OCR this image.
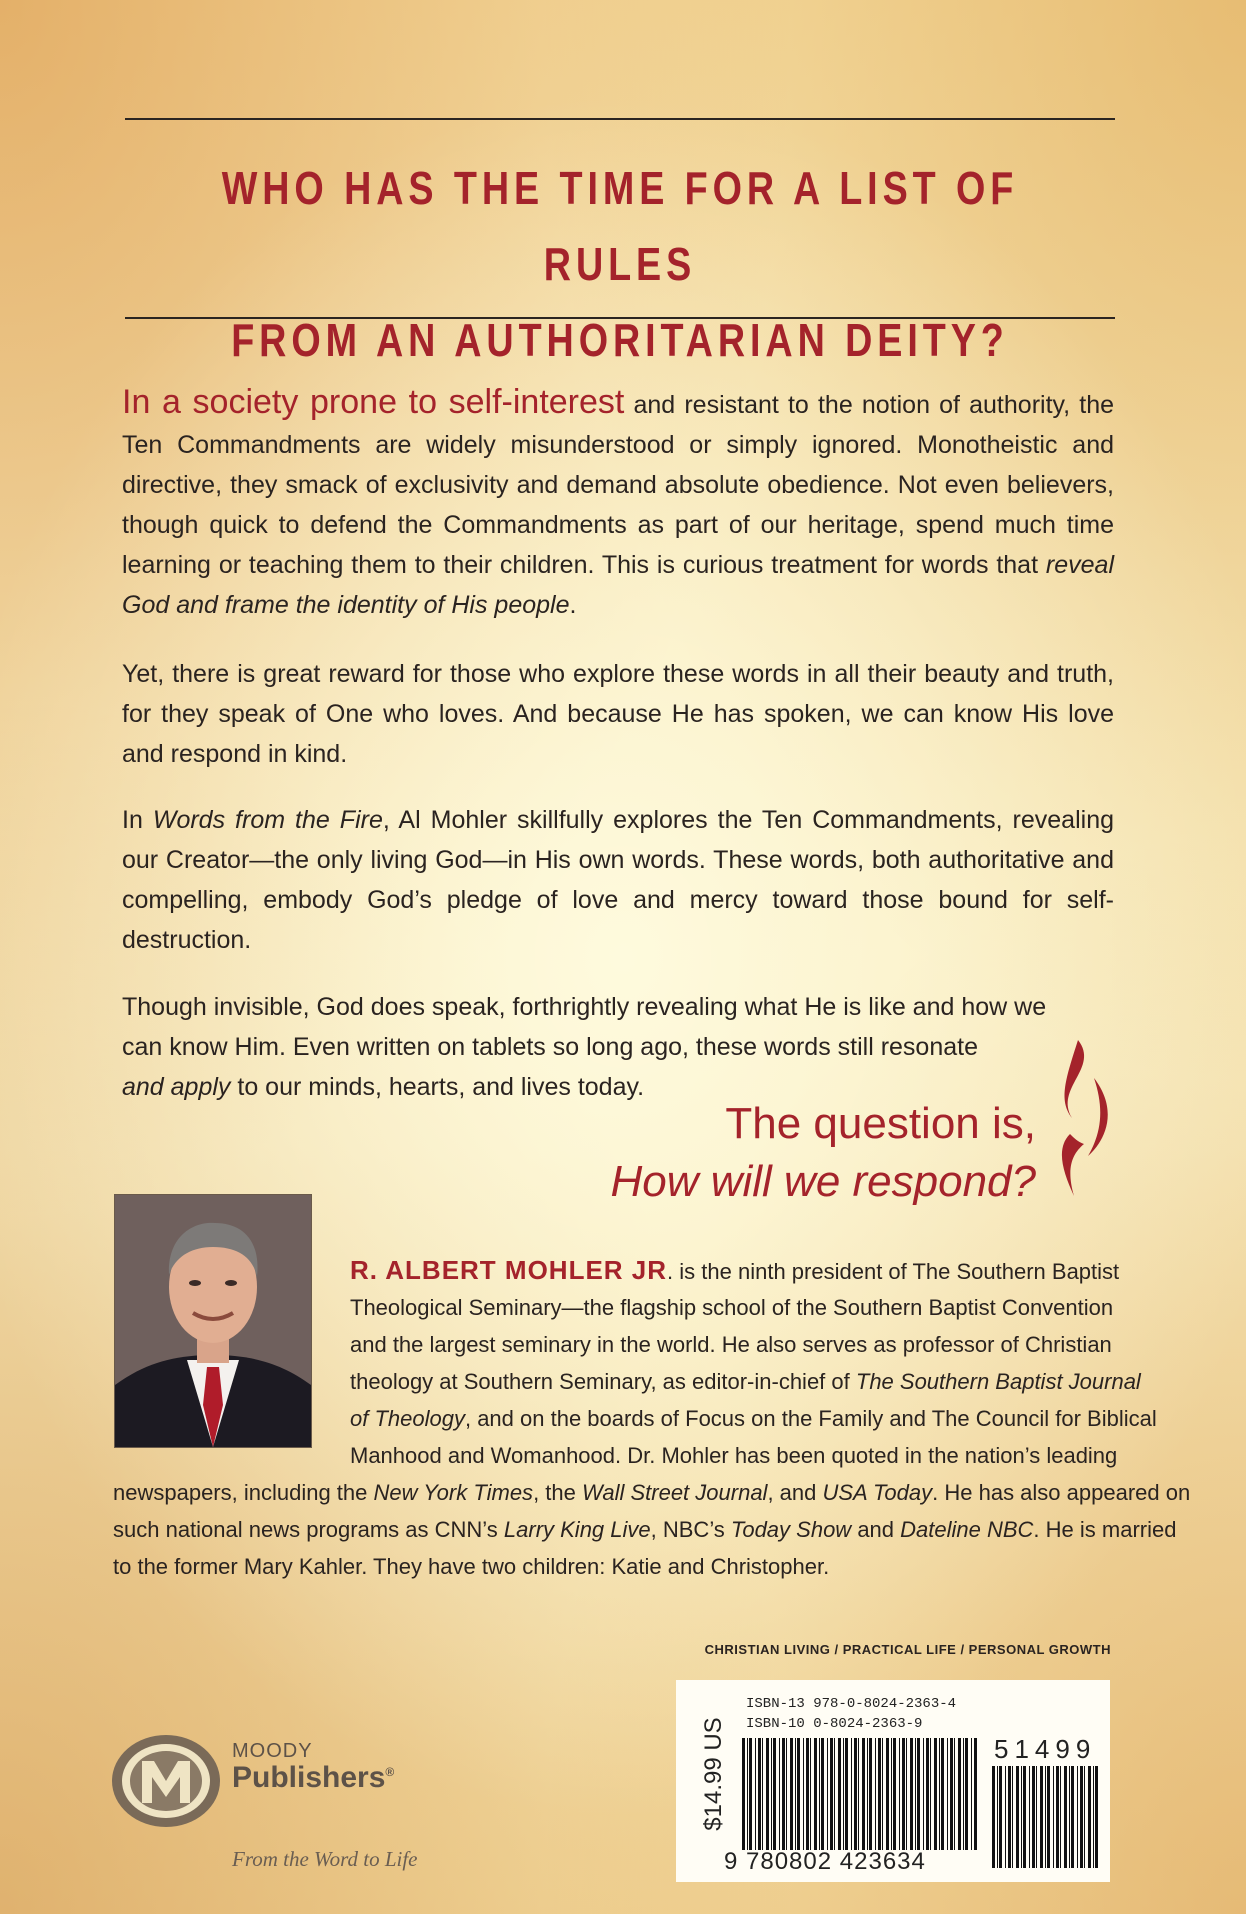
WHO HAS THE TIME FOR A LIST OF RULES
FROM AN AUTHORITARIAN DEITY?
In a society prone to self-interest and resistant to the notion of authority, the Ten Commandments are widely misunderstood or simply ignored. Monotheistic and directive, they smack of exclusivity and demand absolute obedience. Not even believers, though quick to defend the Commandments as part of our heritage, spend much time learning or teaching them to their children. This is curious treatment for words that reveal God and frame the identity of His people.
Yet, there is great reward for those who explore these words in all their beauty and truth, for they speak of One who loves. And because He has spoken, we can know His love and respond in kind.
In Words from the Fire, Al Mohler skillfully explores the Ten Commandments, revealing our Creator—the only living God—in His own words. These words, both authoritative and compelling, embody God’s pledge of love and mercy toward those bound for self-destruction.
Though invisible, God does speak, forthrightly revealing what He is like and how we can know Him. Even written on tablets so long ago, these words still resonate
and apply to our minds, hearts, and lives today.
The question is,
How will we respond?
R. ALBERT MOHLER JR. is the ninth president of The Southern Baptist
Theological Seminary—the flagship school of the Southern Baptist Convention
and the largest seminary in the world. He also serves as professor of Christian
theology at Southern Seminary, as editor-in-chief of The Southern Baptist Journal
of Theology, and on the boards of Focus on the Family and The Council for Biblical
Manhood and Womanhood. Dr. Mohler has been quoted in the nation’s leading
newspapers, including the New York Times, the Wall Street Journal, and USA Today. He has also appeared on
such national news programs as CNN’s Larry King Live, NBC’s Today Show and Dateline NBC. He is married
to the former Mary Kahler. They have two children: Katie and Christopher.
CHRISTIAN LIVING / PRACTICAL LIFE / PERSONAL GROWTH
$14.99 US
ISBN-13 978-0-8024-2363-4
ISBN-10 0-8024-2363-9
51499
9 780802 423634
MOODY
Publishers®
From the Word to Life
